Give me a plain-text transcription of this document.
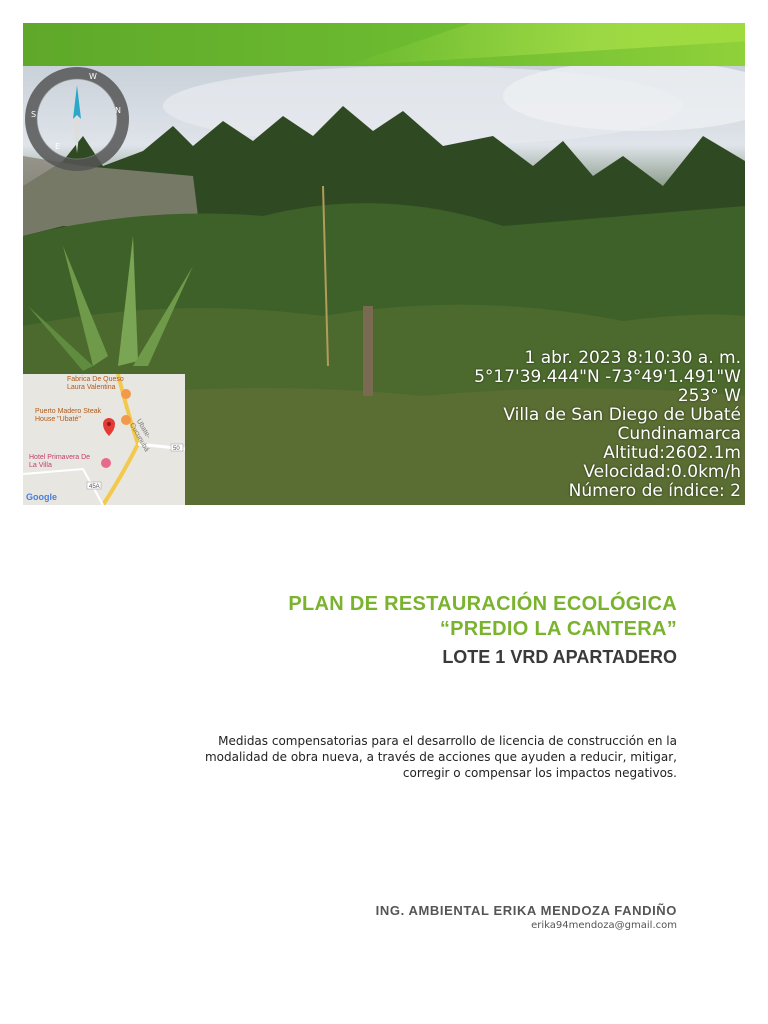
W
N
S
E
Fabrica De Queso Laura Valentina
Puerto Madero Steak House "Ubaté"
Hotel Primavera De La Villa
Ubate-Cucunubá	50
45A
Google
1 abr. 2023 8:10:30 a. m.
5°17'39.444"N -73°49'1.491"W
253° W
Villa de San Diego de Ubaté
Cundinamarca
Altitud:2602.1m
Velocidad:0.0km/h
Número de índice: 2
PLAN DE RESTAURACIÓN ECOLÓGICA
“PREDIO LA CANTERA”
LOTE 1 VRD APARTADERO
Medidas compensatorias para el desarrollo de licencia de construcción en la modalidad de obra nueva, a través de acciones que ayuden a reducir, mitigar, corregir o compensar los impactos negativos.
ING. AMBIENTAL ERIKA MENDOZA FANDIÑO
erika94mendoza@gmail.com
